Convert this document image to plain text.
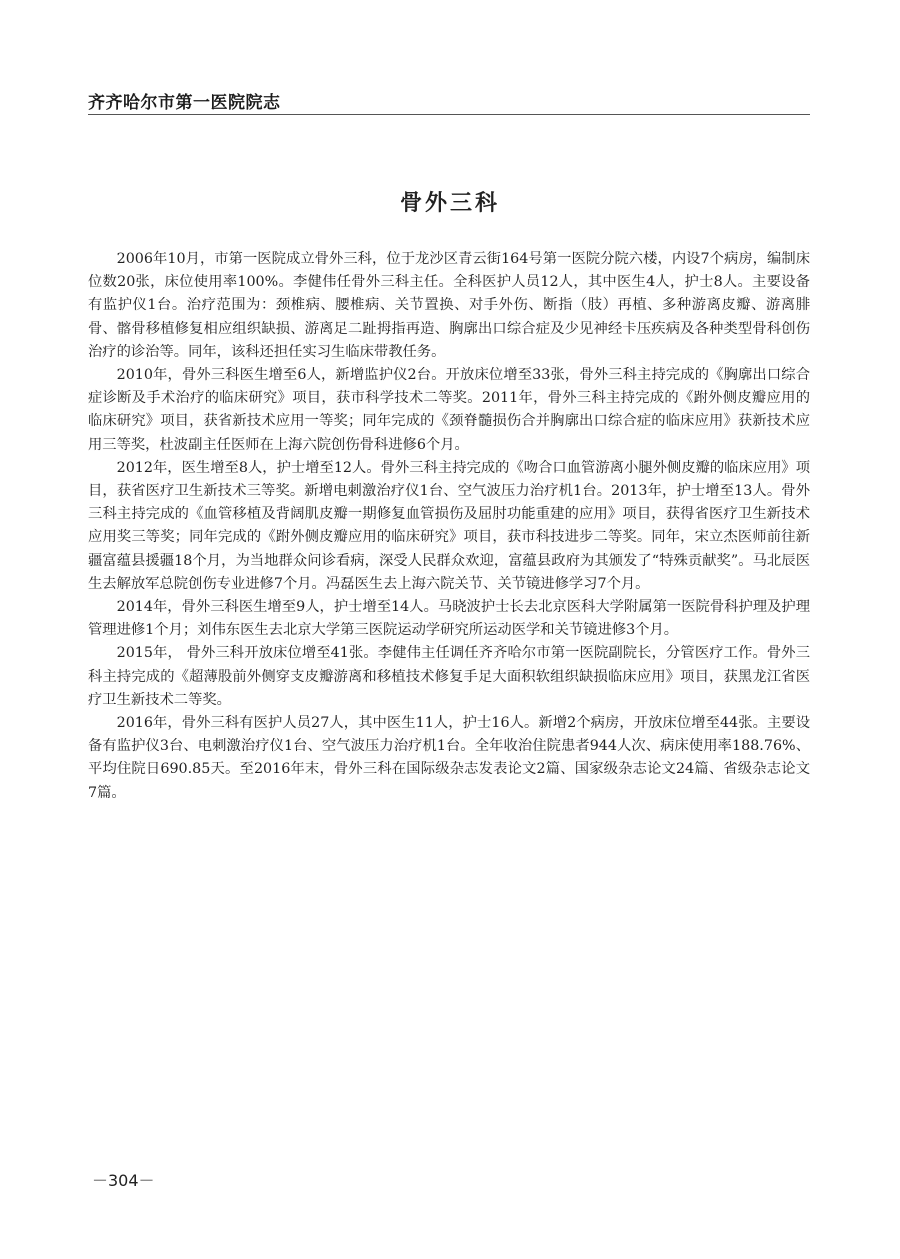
齐齐哈尔市第一医院院志
骨外三科

2006年10月，市第一医院成立骨外三科，位于龙沙区青云街164号第一医院分院六楼，内设7个病房，编制床位数20张，床位使用率100%。李健伟任骨外三科主任。全科医护人员12人，其中医生4人，护士8人。主要设备有监护仪1台。治疗范围为：颈椎病、腰椎病、关节置换、对手外伤、断指（肢）再植、多种游离皮瓣、游离腓骨、髂骨移植修复相应组织缺损、游离足二趾拇指再造、胸廓出口综合症及少见神经卡压疾病及各种类型骨科创伤治疗的诊治等。同年，该科还担任实习生临床带教任务。

2010年，骨外三科医生增至6人，新增监护仪2台。开放床位增至33张，骨外三科主持完成的《胸廓出口综合症诊断及手术治疗的临床研究》项目，获市科学技术二等奖。2011年，骨外三科主持完成的《跗外侧皮瓣应用的临床研究》项目，获省新技术应用一等奖；同年完成的《颈脊髓损伤合并胸廓出口综合症的临床应用》获新技术应用三等奖，杜波副主任医师在上海六院创伤骨科进修6个月。

2012年，医生增至8人，护士增至12人。骨外三科主持完成的《吻合口血管游离小腿外侧皮瓣的临床应用》项目，获省医疗卫生新技术三等奖。新增电刺激治疗仪1台、空气波压力治疗机1台。2013年，护士增至13人。骨外三科主持完成的《血管移植及背阔肌皮瓣一期修复血管损伤及屈肘功能重建的应用》项目，获得省医疗卫生新技术应用奖三等奖；同年完成的《跗外侧皮瓣应用的临床研究》项目，获市科技进步二等奖。同年，宋立杰医师前往新疆富蕴县援疆18个月，为当地群众问诊看病，深受人民群众欢迎，富蕴县政府为其颁发了“特殊贡献奖”。马北辰医生去解放军总院创伤专业进修7个月。冯磊医生去上海六院关节、关节镜进修学习7个月。

2014年，骨外三科医生增至9人，护士增至14人。马晓波护士长去北京医科大学附属第一医院骨科护理及护理管理进修1个月；刘伟东医生去北京大学第三医院运动学研究所运动医学和关节镜进修3个月。

2015年， 骨外三科开放床位增至41张。李健伟主任调任齐齐哈尔市第一医院副院长，分管医疗工作。骨外三科主持完成的《超薄股前外侧穿支皮瓣游离和移植技术修复手足大面积软组织缺损临床应用》项目，获黑龙江省医疗卫生新技术二等奖。

2016年，骨外三科有医护人员27人，其中医生11人，护士16人。新增2个病房，开放床位增至44张。主要设备有监护仪3台、电刺激治疗仪1台、空气波压力治疗机1台。全年收治住院患者944人次、病床使用率188.76%、平均住院日690.85天。至2016年末，骨外三科在国际级杂志发表论文2篇、国家级杂志论文24篇、省级杂志论文7篇。

－304－
